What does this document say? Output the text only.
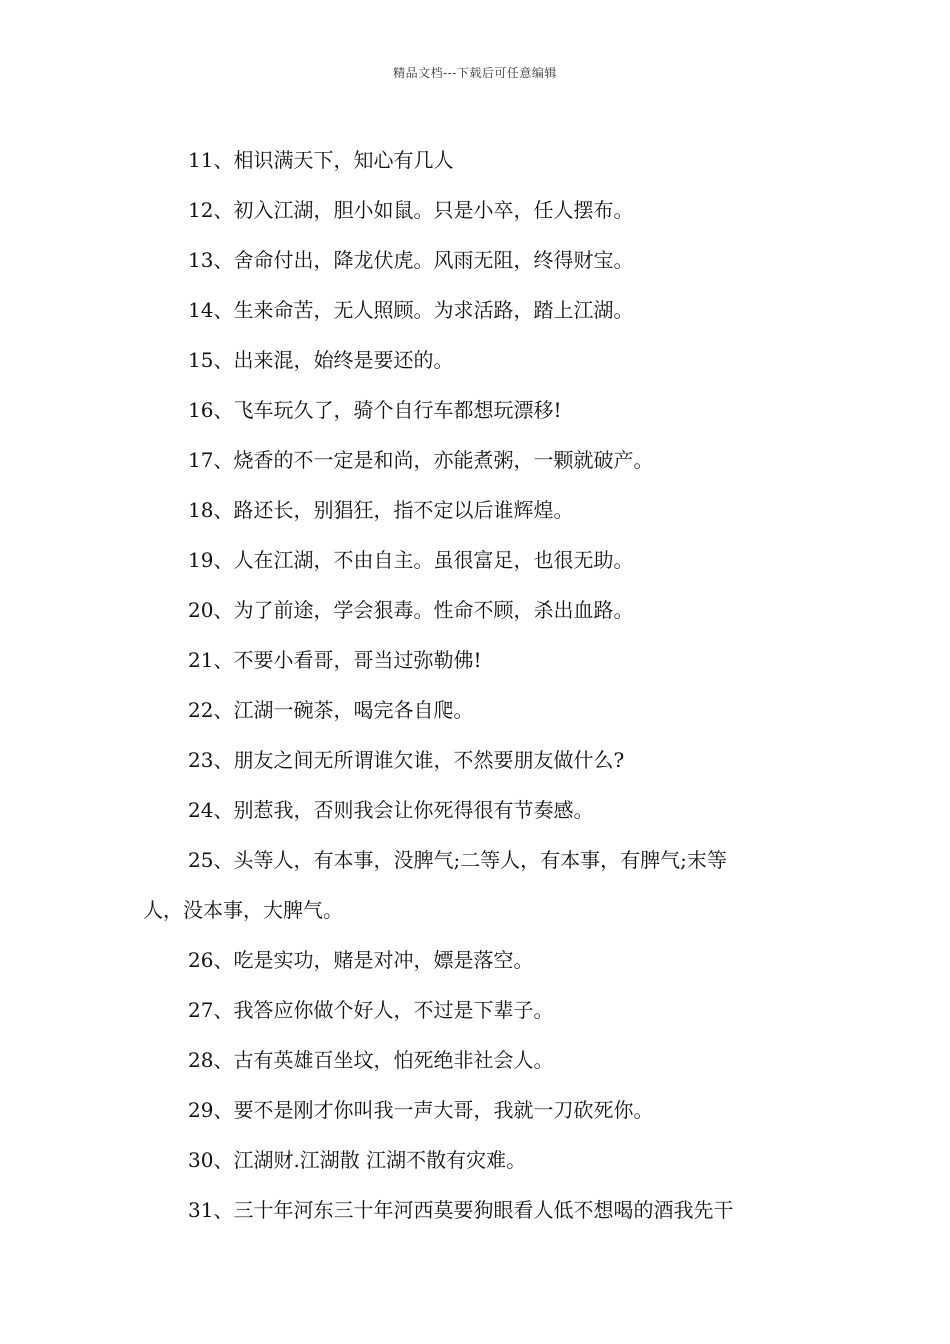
精品文档---下载后可任意编辑
11、相识满天下，知心有几人
12、初入江湖，胆小如鼠。只是小卒，任人摆布。
13、舍命付出，降龙伏虎。风雨无阻，终得财宝。
14、生来命苦，无人照顾。为求活路，踏上江湖。
15、出来混，始终是要还的。
16、飞车玩久了，骑个自行车都想玩漂移!
17、烧香的不一定是和尚，亦能煮粥，一颗就破产。
18、路还长，别猖狂，指不定以后谁辉煌。
19、人在江湖，不由自主。虽很富足，也很无助。
20、为了前途，学会狠毒。性命不顾，杀出血路。
21、不要小看哥，哥当过弥勒佛!
22、江湖一碗茶，喝完各自爬。
23、朋友之间无所谓谁欠谁，不然要朋友做什么?
24、别惹我，否则我会让你死得很有节奏感。
25、头等人，有本事，没脾气;二等人，有本事，有脾气;末等
人，没本事，大脾气。
26、吃是实功，赌是对冲，嫖是落空。
27、我答应你做个好人，不过是下辈子。
28、古有英雄百坐坟，怕死绝非社会人。
29、要不是刚才你叫我一声大哥，我就一刀砍死你。
30、江湖财.江湖散 江湖不散有灾难。
31、三十年河东三十年河西莫要狗眼看人低不想喝的酒我先干
